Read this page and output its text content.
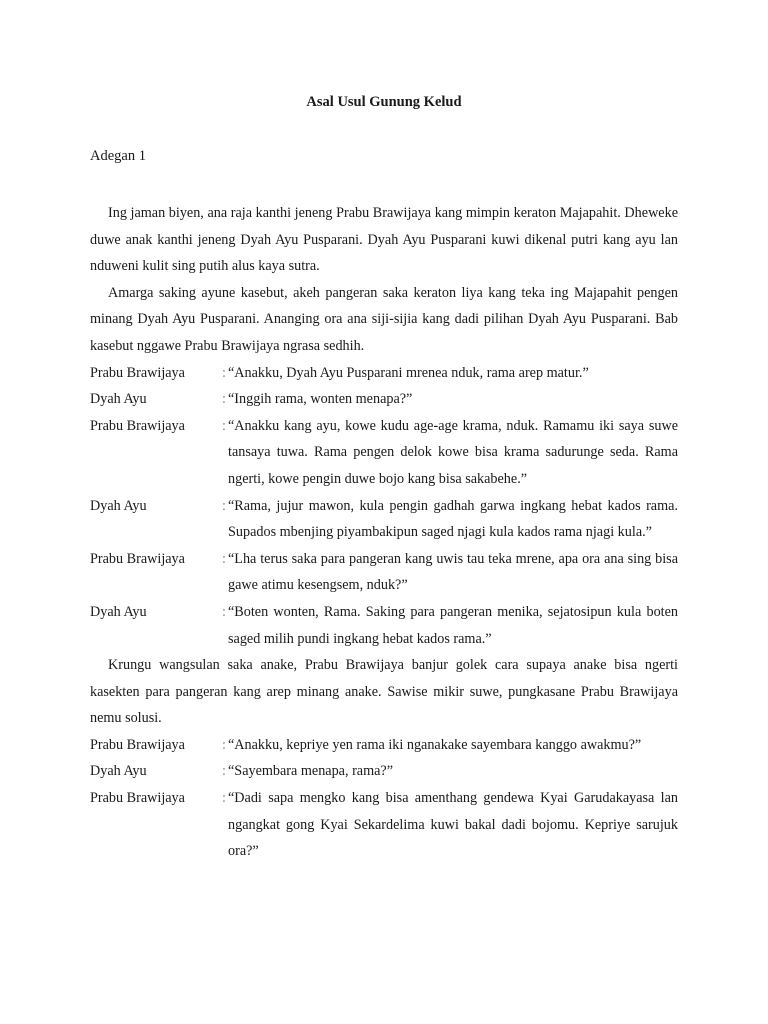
Asal Usul Gunung Kelud
Adegan 1

Ing jaman biyen, ana raja kanthi jeneng Prabu Brawijaya kang mimpin keraton Majapahit. Dheweke duwe anak kanthi jeneng Dyah Ayu Pusparani. Dyah Ayu Pusparani kuwi dikenal putri kang ayu lan nduweni kulit sing putih alus kaya sutra.

Amarga saking ayune kasebut, akeh pangeran saka keraton liya kang teka ing Majapahit pengen minang Dyah Ayu Pusparani. Ananging ora ana siji-sijia kang dadi pilihan Dyah Ayu Pusparani. Bab kasebut nggawe Prabu Brawijaya ngrasa sedhih.

Prabu Brawijaya	: “Anakku, Dyah Ayu Pusparani mrenea nduk, rama arep matur.”
Dyah Ayu	: “Inggih rama, wonten menapa?”
Prabu Brawijaya	: “Anakku kang ayu, kowe kudu age-age krama, nduk. Ramamu iki saya suwe tansaya tuwa. Rama pengen delok kowe bisa krama sadurunge seda. Rama ngerti, kowe pengin duwe bojo kang bisa sakabehe.”
Dyah Ayu	: “Rama, jujur mawon, kula pengin gadhah garwa ingkang hebat kados rama. Supados mbenjing piyambakipun saged njagi kula kados rama njagi kula.”
Prabu Brawijaya	: “Lha terus saka para pangeran kang uwis tau teka mrene, apa ora ana sing bisa gawe atimu kesengsem, nduk?”
Dyah Ayu	: “Boten wonten, Rama. Saking para pangeran menika, sejatosipun kula boten saged milih pundi ingkang hebat kados rama.”

Krungu wangsulan saka anake, Prabu Brawijaya banjur golek cara supaya anake bisa ngerti kasekten para pangeran kang arep minang anake. Sawise mikir suwe, pungkasane Prabu Brawijaya nemu solusi.

Prabu Brawijaya	: “Anakku, kepriye yen rama iki nganakake sayembara kanggo awakmu?”
Dyah Ayu	: “Sayembara menapa, rama?”
Prabu Brawijaya	: “Dadi sapa mengko kang bisa amenthang gendewa Kyai Garudakayasa lan ngangkat gong Kyai Sekardelima kuwi bakal dadi bojomu. Kepriye sarujuk ora?”
